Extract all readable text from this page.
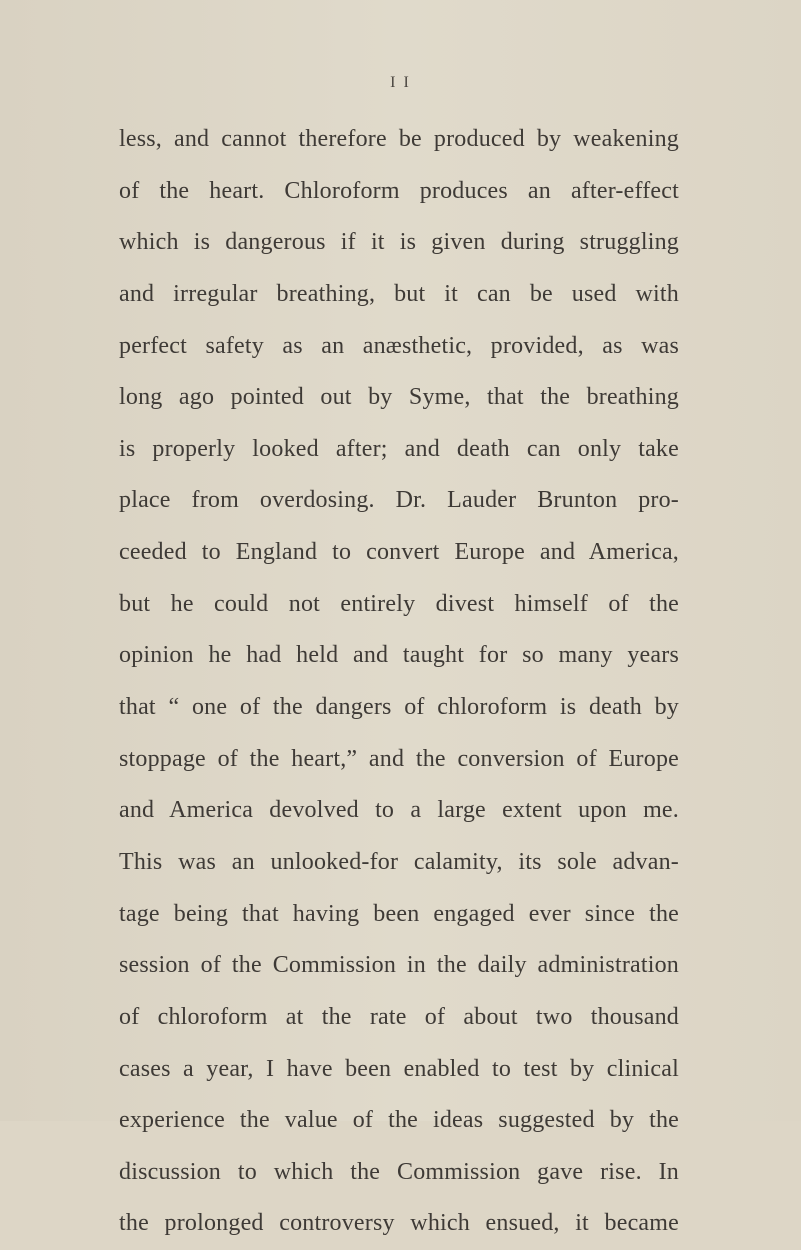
I I
less, and cannot therefore be produced by weakening
of the heart. Chloroform produces an after-effect
which is dangerous if it is given during struggling
and irregular breathing, but it can be used with
perfect safety as an anæsthetic, provided, as was
long ago pointed out by Syme, that the breathing
is properly looked after; and death can only take
place from overdosing. Dr. Lauder Brunton pro-
ceeded to England to convert Europe and America,
but he could not entirely divest himself of the
opinion he had held and taught for so many years
that “ one of the dangers of chloroform is death by
stoppage of the heart,” and the conversion of Europe
and America devolved to a large extent upon me.
This was an unlooked-for calamity, its sole advan-
tage being that having been engaged ever since the
session of the Commission in the daily administration
of chloroform at the rate of about two thousand
cases a year, I have been enabled to test by clinical
experience the value of the ideas suggested by the
discussion to which the Commission gave rise. In
the prolonged controversy which ensued, it became
